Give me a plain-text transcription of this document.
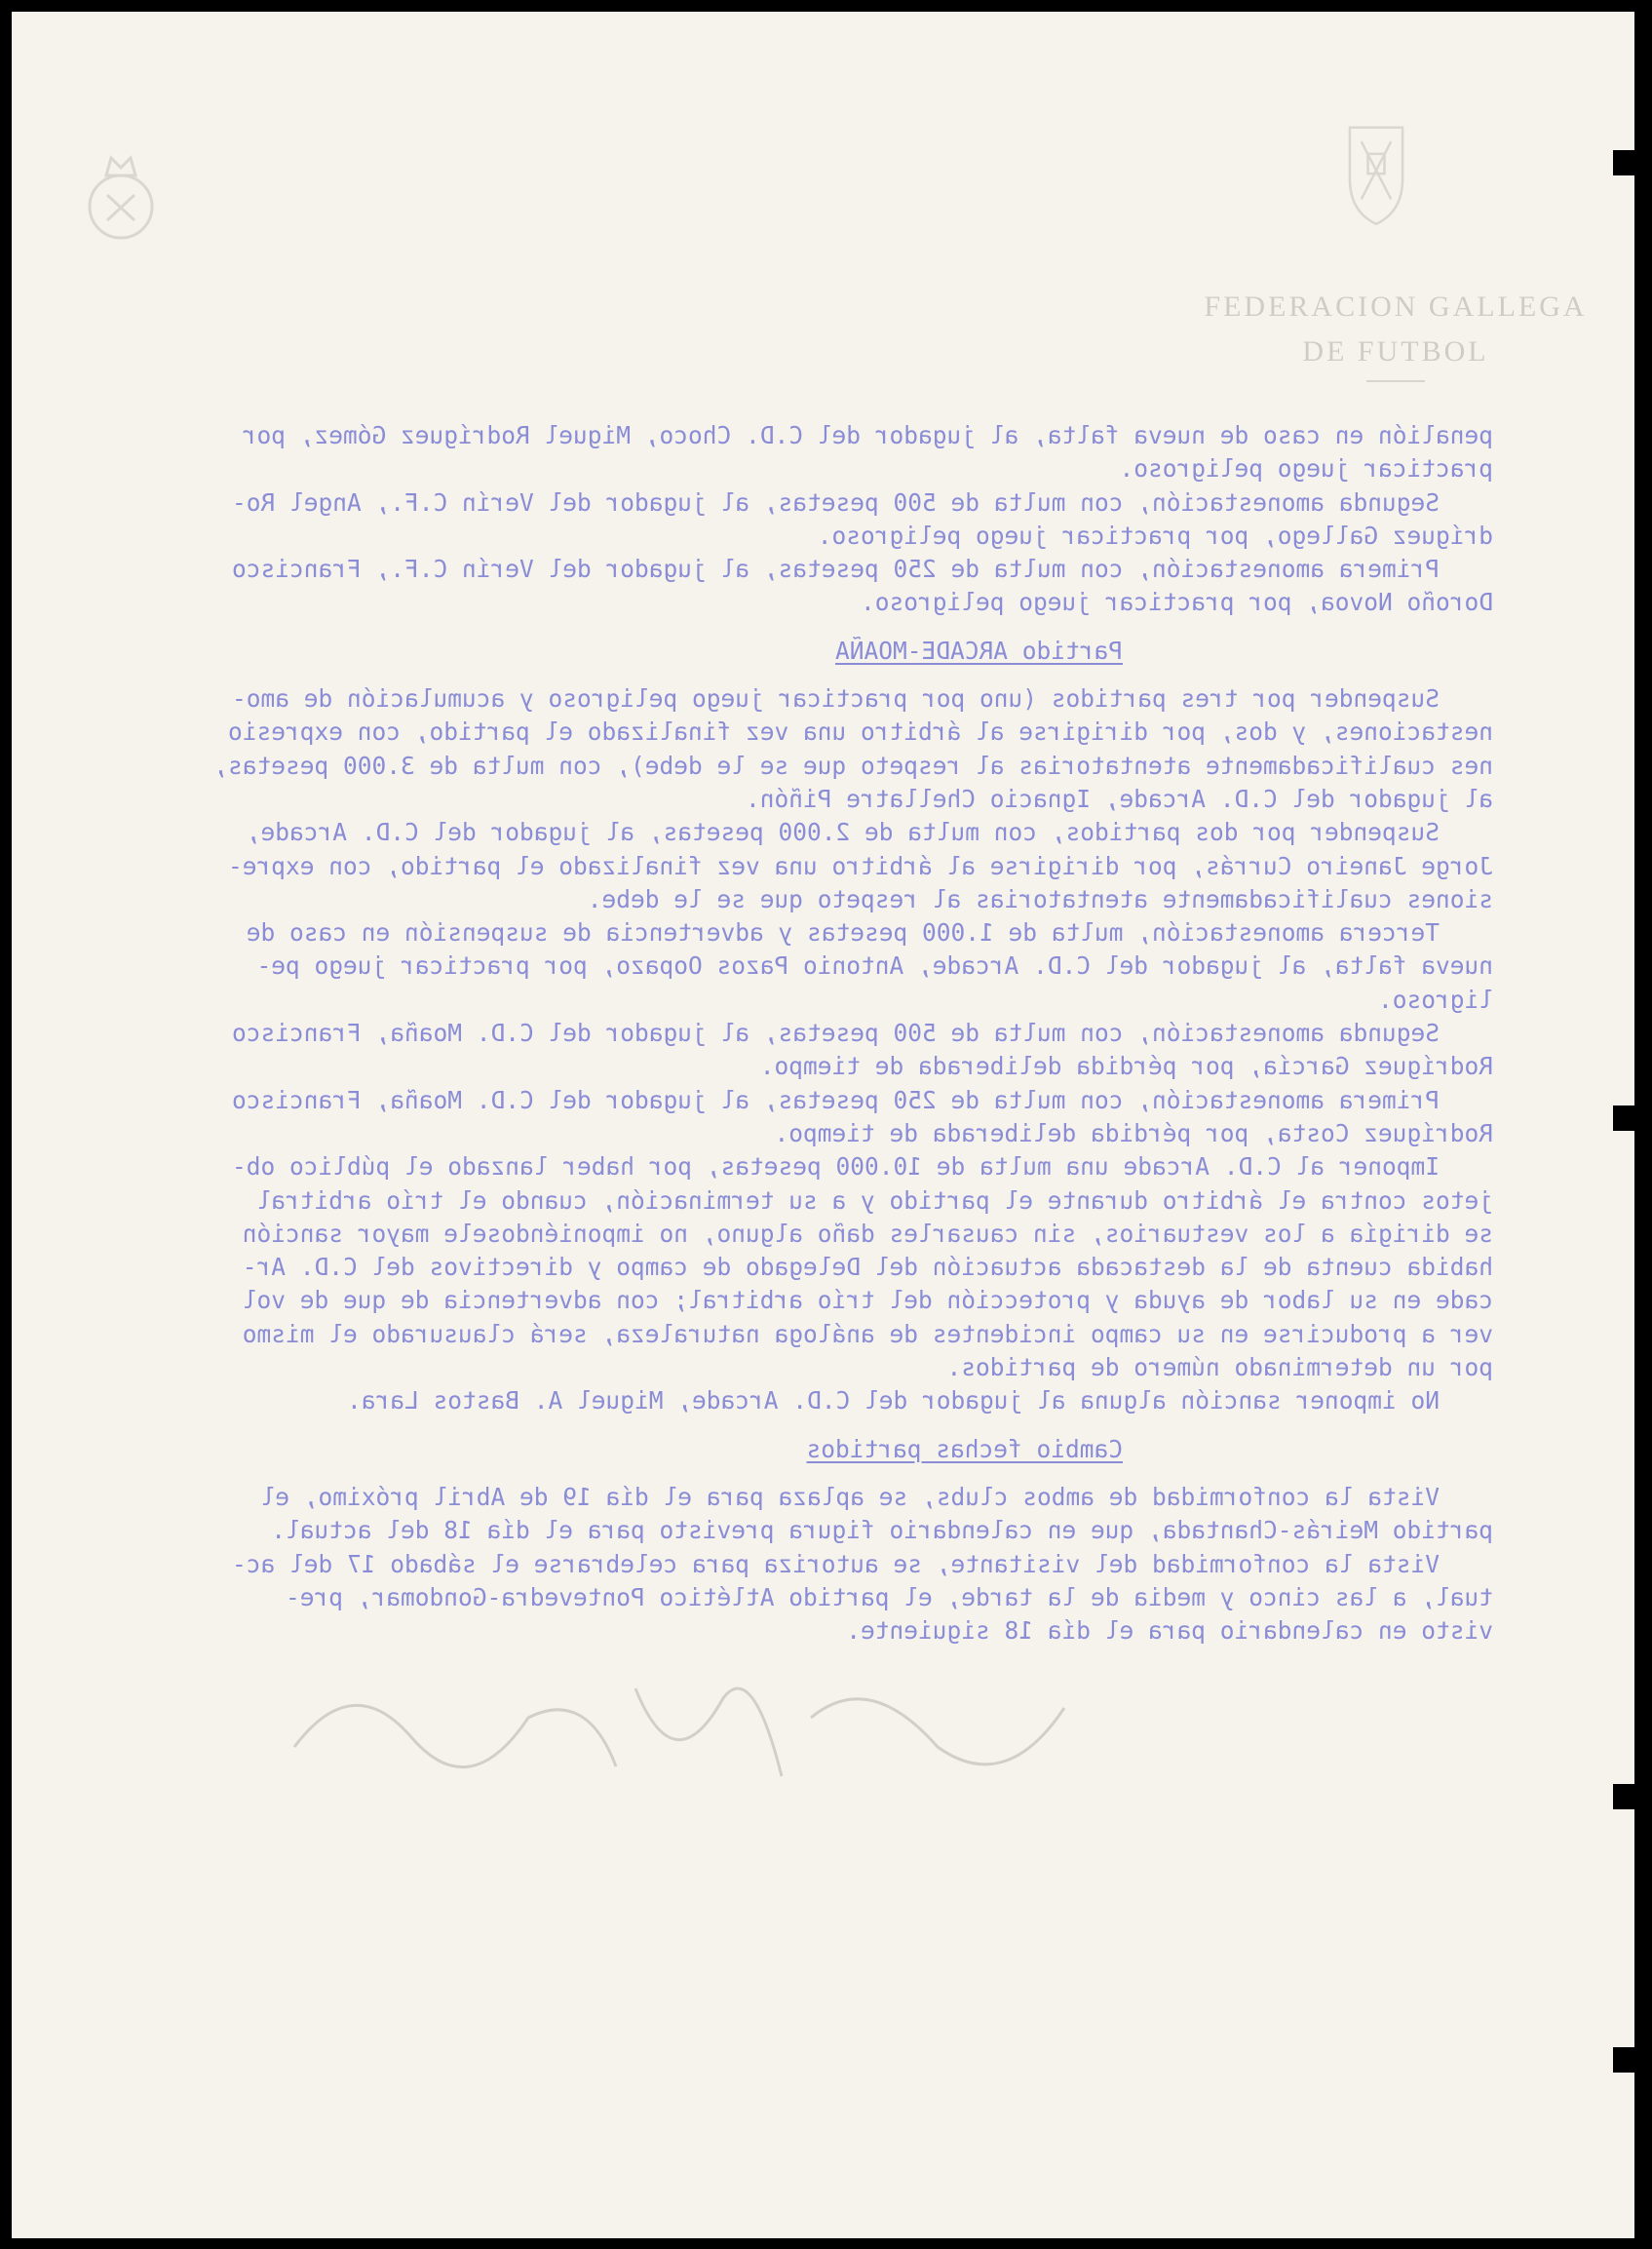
FEDERACION GALLEGA
DE FUTBOL
penalión en caso de nueva falta, al jugador del C.D. Choco, Miguel Rodríguez Gómez, por
practicar juego peligroso.
Segunda amonestación, con multa de 500 pesetas, al jugador del Verín C.F., Angel Ro-
dríguez Gallego, por practicar juego peligroso.
Primera amonestación, con multa de 250 pesetas, al jugador del Verín C.F., Francisco
Doroño Novoa, por practicar juego peligroso.
Partido ARCADE-MOAÑA
Suspender por tres partidos (uno por practicar juego peligroso y acumulación de amo-
nestaciones, y dos, por dirigirse al árbitro una vez finalizado el partido, con expresio
nes cualificadamente atentatorias al respeto que se le debe), con multa de 3.000 pesetas,
al jugador del C.D. Arcade, Ignacio Chellatre Piñón.
Suspender por dos partidos, con multa de 2.000 pesetas, al jugador del C.D. Arcade,
Jorge Janeiro Currás, por dirigirse al árbitro una vez finalizado el partido, con expre-
siones cualificadamente atentatorias al respeto que se le debe.
Tercera amonestación, multa de 1.000 pesetas y advertencia de suspensión en caso de
nueva falta, al jugador del C.D. Arcade, Antonio Pazos Oopazo, por practicar juego pe-
ligroso.
Segunda amonestación, con multa de 500 pesetas, al jugador del C.D. Moaña, Francisco
Rodríguez García, por pérdida deliberada de tiempo.
Primera amonestación, con multa de 250 pesetas, al jugador del C.D. Moaña, Francisco
Rodríguez Costa, por pérdida deliberada de tiempo.
Imponer al C.D. Arcade una multa de 10.000 pesetas, por haber lanzado el público ob-
jetos contra el árbitro durante el partido y a su terminación, cuando el trío arbitral
se dirigía a los vestuarios, sin causarles daño alguno, no imponiéndosele mayor sanción
habida cuenta de la destacada actuación del Delegado de campo y directivos del C.D. Ar-
cade en su labor de ayuda y protección del trío arbitral; con advertencia de que de vol
ver a producirse en su campo incidentes de análoga naturaleza, será clausurado el mismo
por un determinado número de partidos.
No imponer sanción alguna al jugador del C.D. Arcade, Miguel A. Bastos Lara.
Cambio fechas partidos
Vista la conformidad de ambos clubs, se aplaza para el día 19 de Abril próximo, el
partido Meirás-Chantada, que en calendario figura previsto para el día 18 del actual.
Vista la conformidad del visitante, se autoriza para celebrarse el sábado 17 del ac-
tual, a las cinco y media de la tarde, el partido Atlético Pontevedra-Gondomar, pre-
visto en calendario para el día 18 siguiente.
